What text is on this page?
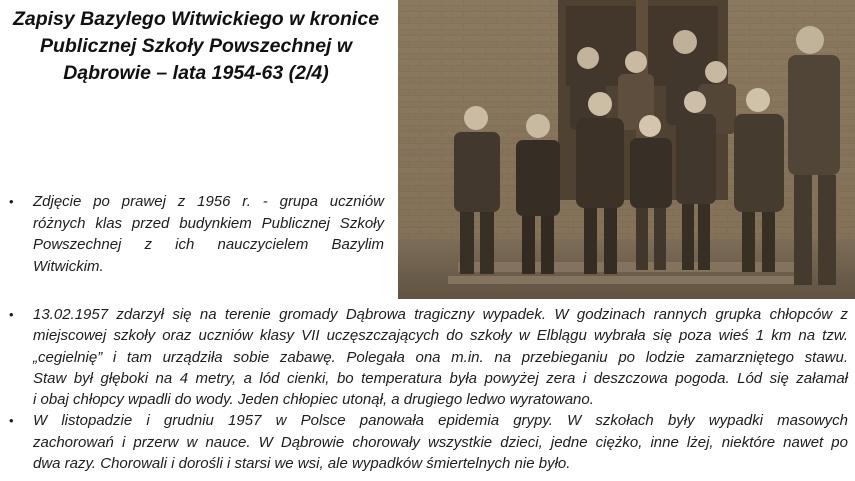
Zapisy Bazylego Witwickiego w kronice
Publicznej Szkoły Powszechnej w
Dąbrowie – lata 1954-63 (2/4)
• Zdjęcie po prawej z 1956 r. - grupa uczniów
różnych klas przed budynkiem Publicznej Szkoły
Powszechnej z ich nauczycielem Bazylim
Witwickim.
• 13.02.1957 zdarzył się na terenie gromady Dąbrowa tragiczny wypadek. W godzinach rannych grupka chłopców z
miejscowej szkoły oraz uczniów klasy VII uczęszczających do szkoły w Elblągu wybrała się poza wieś 1 km na tzw.
„cegielnię” i tam urządziła sobie zabawę. Polegała ona m.in. na przebieganiu po lodzie zamarzniętego stawu.
Staw był głęboki na 4 metry, a lód cienki, bo temperatura była powyżej zera i deszczowa pogoda. Lód się załamał
i obaj chłopcy wpadli do wody. Jeden chłopiec utonął, a drugiego ledwo wyratowano.
• W listopadzie i grudniu 1957 w Polsce panowała epidemia grypy. W szkołach były wypadki masowych
zachorowań i przerw w nauce. W Dąbrowie chorowały wszystkie dzieci, jedne ciężko, inne lżej, niektóre nawet po
dwa razy. Chorowali i dorośli i starsi we wsi, ale wypadków śmiertelnych nie było.
